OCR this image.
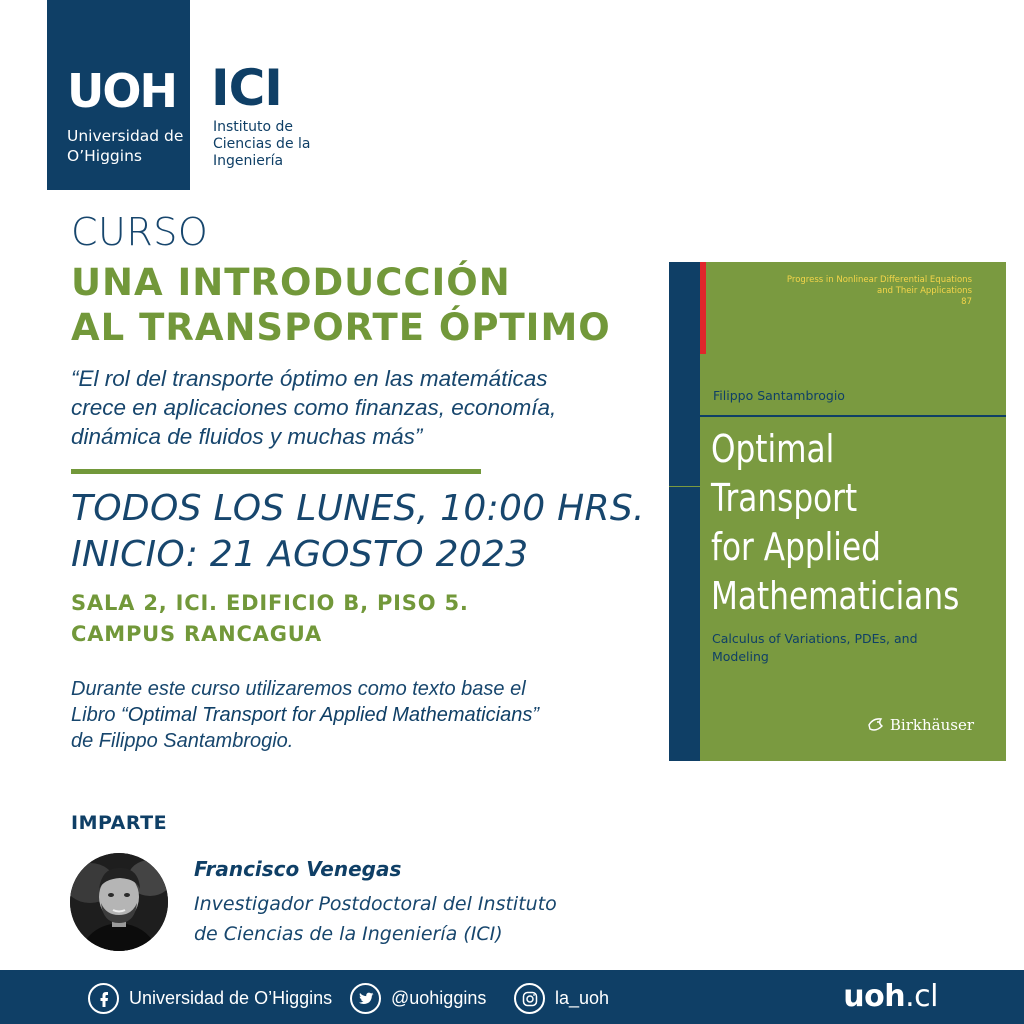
UOH
Universidad de O’Higgins
ICI
Instituto de Ciencias de la Ingeniería
CURSO
UNA INTRODUCCIÓN
AL TRANSPORTE ÓPTIMO
“El rol del transporte óptimo en las matemáticas
crece en aplicaciones como finanzas, economía,
dinámica de fluidos y muchas más”
TODOS LOS LUNES, 10:00 HRS.
INICIO: 21 AGOSTO 2023
SALA 2, ICI. EDIFICIO B, PISO 5.
CAMPUS RANCAGUA
Durante este curso utilizaremos como texto base el Libro “Optimal Transport for Applied Mathematicians” de Filippo Santambrogio.
IMPARTE
Francisco Venegas
Investigador Postdoctoral del Instituto
de Ciencias de la Ingeniería (ICI)
Progress in Nonlinear Differential Equations
and Their Applications
87
Filippo Santambrogio
Optimal
Transport
for Applied
Mathematicians
Calculus of Variations, PDEs, and
Modeling
Birkhäuser
Universidad de O’Higgins	@uohiggins	la_uoh	uoh.cl
